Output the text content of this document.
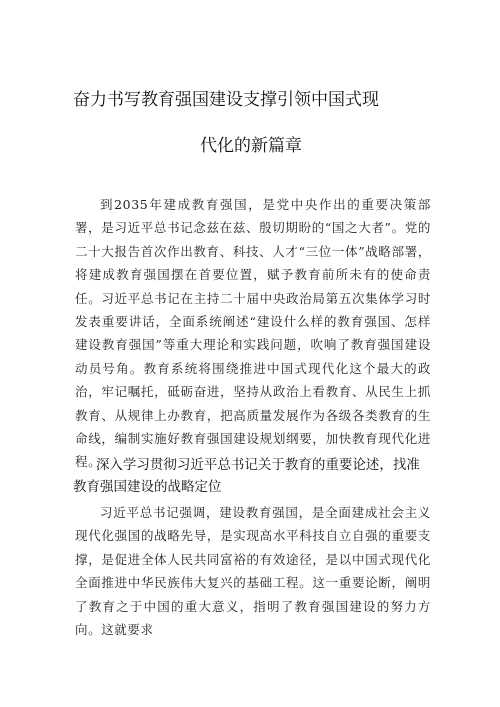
奋力书写教育强国建设支撑引领中国式现
代化的新篇章

到2035年建成教育强国，是党中央作出的重要决策部署，是习近平总书记念兹在兹、殷切期盼的“国之大者”。党的二十大报告首次作出教育、科技、人才“三位一体”战略部署，将建成教育强国摆在首要位置，赋予教育前所未有的使命责任。习近平总书记在主持二十届中央政治局第五次集体学习时发表重要讲话，全面系统阐述“建设什么样的教育强国、怎样建设教育强国”等重大理论和实践问题，吹响了教育强国建设动员号角。教育系统将围绕推进中国式现代化这个最大的政治，牢记嘱托，砥砺奋进，坚持从政治上看教育、从民生上抓教育、从规律上办教育，把高质量发展作为各级各类教育的生命线，编制实施好教育强国建设规划纲要，加快教育现代化进程。

深入学习贯彻习近平总书记关于教育的重要论述，找准教育强国建设的战略定位

习近平总书记强调，建设教育强国，是全面建成社会主义现代化强国的战略先导，是实现高水平科技自立自强的重要支撑，是促进全体人民共同富裕的有效途径，是以中国式现代化全面推进中华民族伟大复兴的基础工程。这一重要论断，阐明了教育之于中国的重大意义，指明了教育强国建设的努力方向。这就要求
